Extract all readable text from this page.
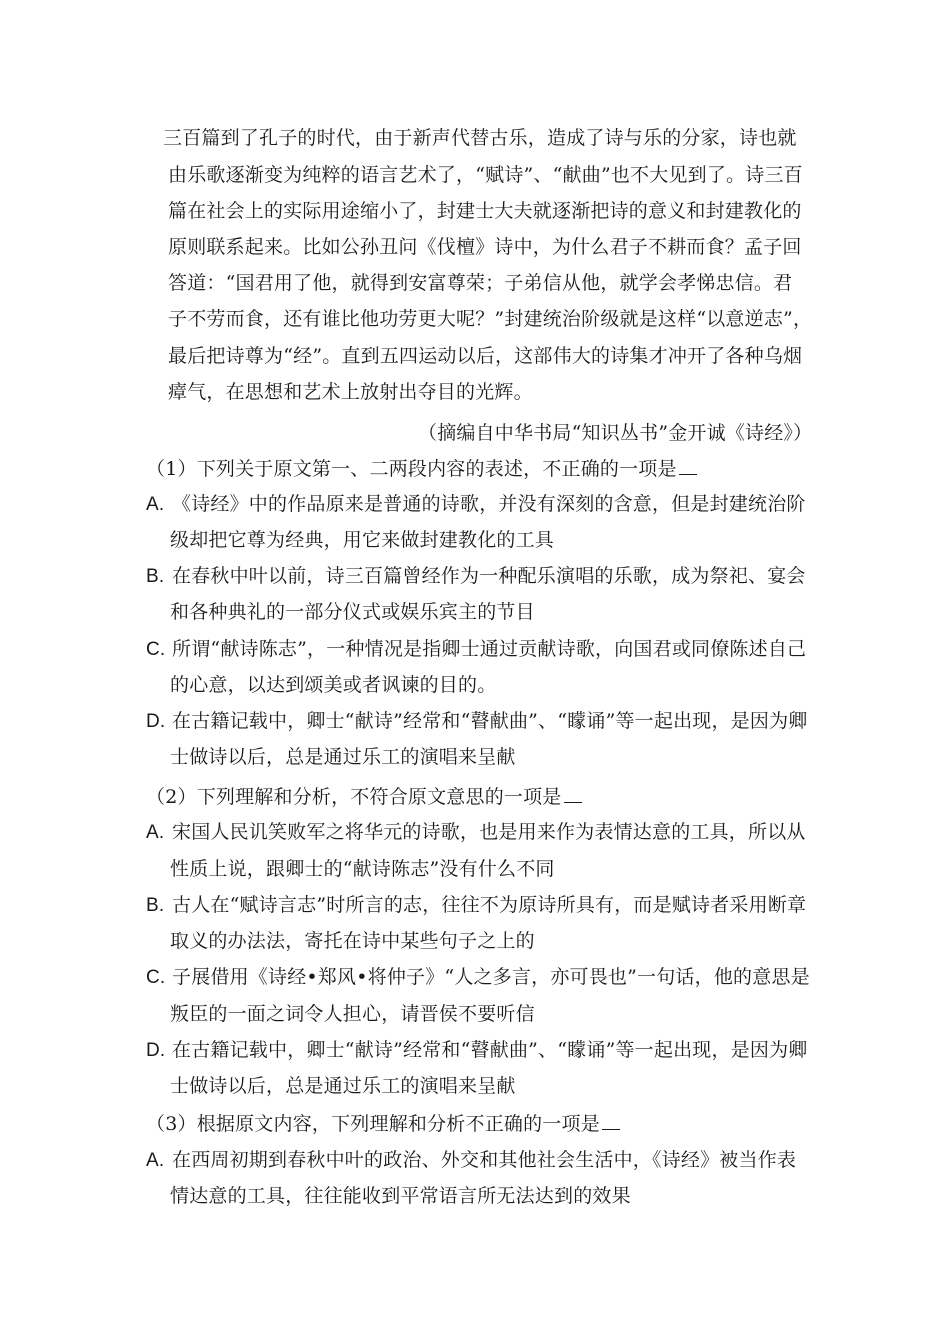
三百篇到了孔子的时代，由于新声代替古乐，造成了诗与乐的分家，诗也就
由乐歌逐渐变为纯粹的语言艺术了，“赋诗”、“献曲”也不大见到了。诗三百
篇在社会上的实际用途缩小了，封建士大夫就逐渐把诗的意义和封建教化的
原则联系起来。比如公孙丑问《伐檀》诗中，为什么君子不耕而食？孟子回
答道：“国君用了他，就得到安富尊荣；子弟信从他，就学会孝悌忠信。君
子不劳而食，还有谁比他功劳更大呢？”封建统治阶级就是这样“以意逆志”，
最后把诗尊为“经”。直到五四运动以后，这部伟大的诗集才冲开了各种乌烟
瘴气，在思想和艺术上放射出夺目的光辉。
（摘编自中华书局“知识丛书”金开诚《诗经》）
（1）下列关于原文第一、二两段内容的表述，不正确的一项是
A. 《诗经》中的作品原来是普通的诗歌，并没有深刻的含意，但是封建统治阶
级却把它尊为经典，用它来做封建教化的工具
B. 在春秋中叶以前，诗三百篇曾经作为一种配乐演唱的乐歌，成为祭祀、宴会
和各种典礼的一部分仪式或娱乐宾主的节目
C. 所谓“献诗陈志”，一种情况是指卿士通过贡献诗歌，向国君或同僚陈述自己
的心意，以达到颂美或者讽谏的目的。
D. 在古籍记载中，卿士“献诗”经常和“瞽献曲”、“矇诵”等一起出现，是因为卿
士做诗以后，总是通过乐工的演唱来呈献
（2）下列理解和分析，不符合原文意思的一项是
A. 宋国人民讥笑败军之将华元的诗歌，也是用来作为表情达意的工具，所以从
性质上说，跟卿士的“献诗陈志”没有什么不同
B. 古人在“赋诗言志”时所言的志，往往不为原诗所具有，而是赋诗者采用断章
取义的办法法，寄托在诗中某些句子之上的
C. 子展借用《诗经•郑风•将仲子》“人之多言，亦可畏也”一句话，他的意思是
叛臣的一面之词令人担心，请晋侯不要听信
D. 在古籍记载中，卿士“献诗”经常和“瞽献曲”、“矇诵”等一起出现，是因为卿
士做诗以后，总是通过乐工的演唱来呈献
（3）根据原文内容，下列理解和分析不正确的一项是
A. 在西周初期到春秋中叶的政治、外交和其他社会生活中，《诗经》被当作表
情达意的工具，往往能收到平常语言所无法达到的效果
